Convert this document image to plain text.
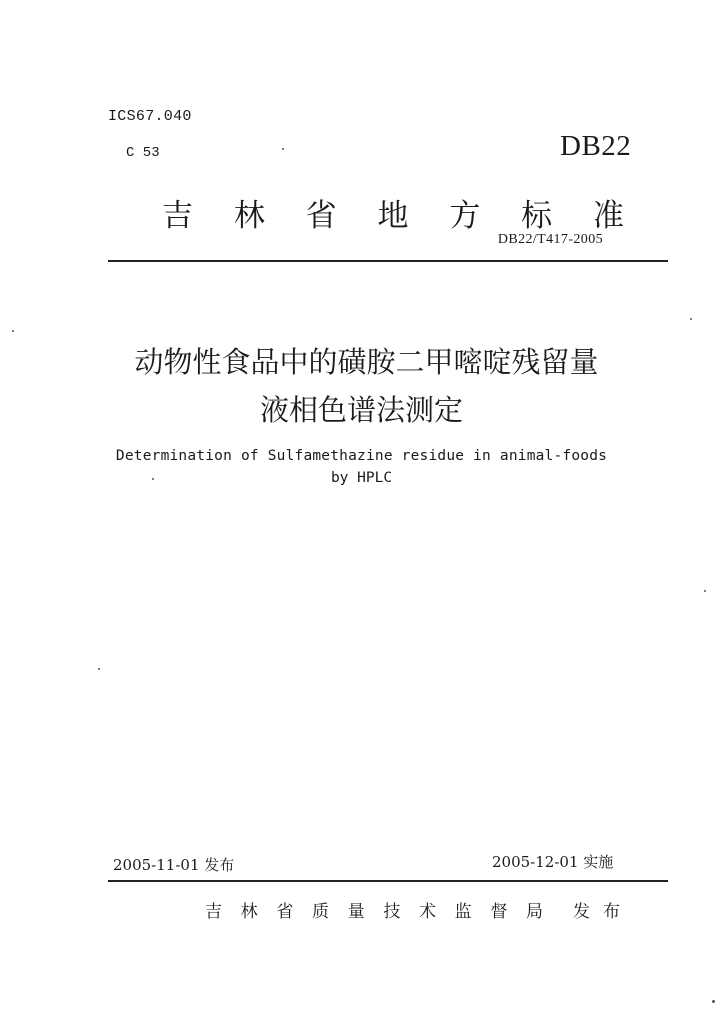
ICS67.040
C 53	DB22
吉林省地方标准
DB22/T417-2005
动物性食品中的磺胺二甲嘧啶残留量
液相色谱法测定
Determination of Sulfamethazine residue in animal-foods
by HPLC
2005-11-01 发布	2005-12-01 实施
吉林省质量技术监督局 发布
